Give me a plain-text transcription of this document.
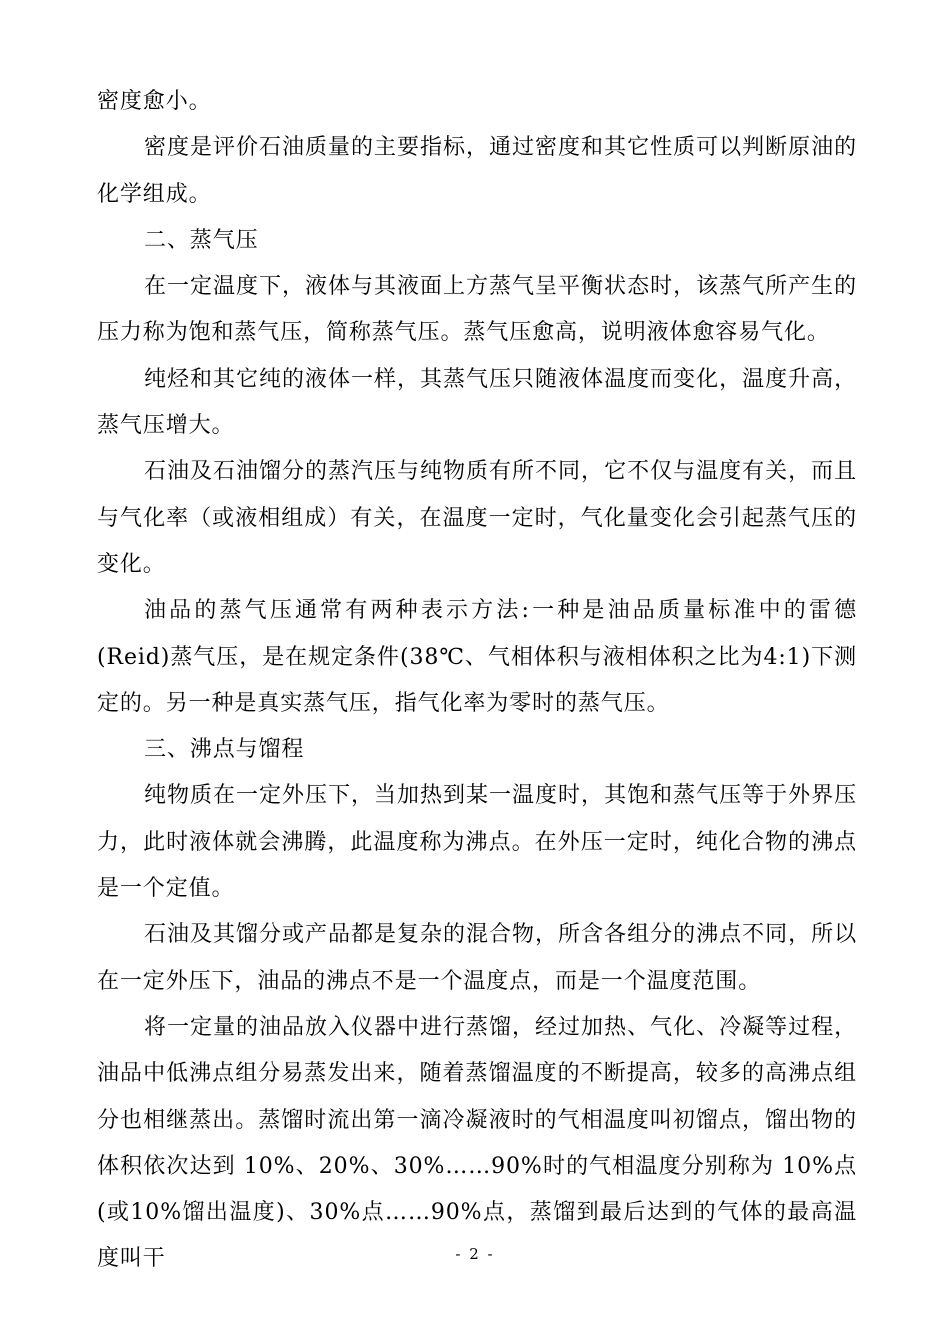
密度愈小。

密度是评价石油质量的主要指标，通过密度和其它性质可以判断原油的化学组成。

二、蒸气压

在一定温度下，液体与其液面上方蒸气呈平衡状态时，该蒸气所产生的压力称为饱和蒸气压，简称蒸气压。蒸气压愈高，说明液体愈容易气化。

纯烃和其它纯的液体一样，其蒸气压只随液体温度而变化，温度升高，蒸气压增大。

石油及石油馏分的蒸汽压与纯物质有所不同，它不仅与温度有关，而且与气化率（或液相组成）有关，在温度一定时，气化量变化会引起蒸气压的变化。

油品的蒸气压通常有两种表示方法:一种是油品质量标准中的雷德(Reid)蒸气压，是在规定条件(38℃、气相体积与液相体积之比为4:1)下测定的。另一种是真实蒸气压，指气化率为零时的蒸气压。

三、沸点与馏程

纯物质在一定外压下，当加热到某一温度时，其饱和蒸气压等于外界压力，此时液体就会沸腾，此温度称为沸点。在外压一定时，纯化合物的沸点是一个定值。

石油及其馏分或产品都是复杂的混合物，所含各组分的沸点不同，所以在一定外压下，油品的沸点不是一个温度点，而是一个温度范围。

将一定量的油品放入仪器中进行蒸馏，经过加热、气化、冷凝等过程，油品中低沸点组分易蒸发出来，随着蒸馏温度的不断提高，较多的高沸点组分也相继蒸出。蒸馏时流出第一滴冷凝液时的气相温度叫初馏点，馏出物的体积依次达到 10%、20%、30%……90%时的气相温度分别称为 10%点(或10%馏出温度)、30%点……90%点，蒸馏到最后达到的气体的最高温度叫干	- 2 -
